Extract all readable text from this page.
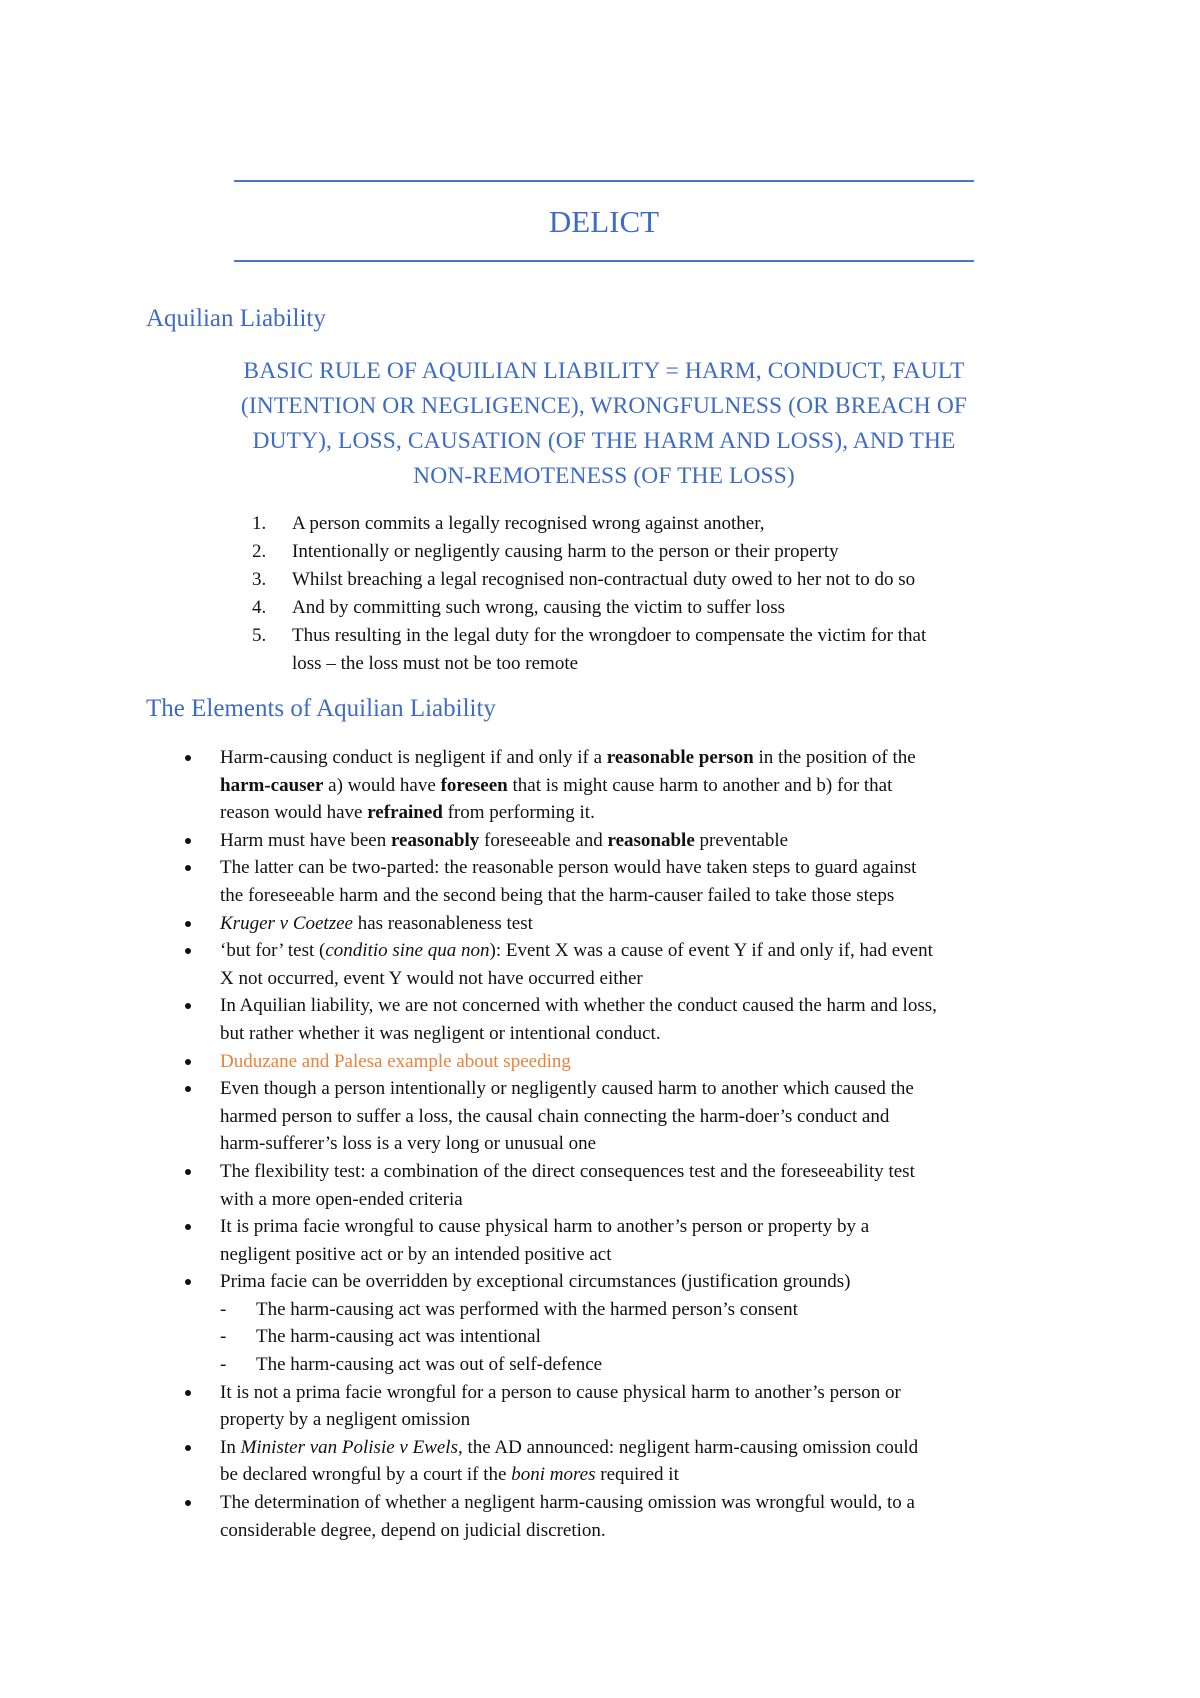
DELICT
Aquilian Liability
BASIC RULE OF AQUILIAN LIABILITY = HARM, CONDUCT, FAULT
(INTENTION OR NEGLIGENCE), WRONGFULNESS (OR BREACH OF
DUTY), LOSS, CAUSATION (OF THE HARM AND LOSS), AND THE
NON-REMOTENESS (OF THE LOSS)
1. A person commits a legally recognised wrong against another,
2. Intentionally or negligently causing harm to the person or their property
3. Whilst breaching a legal recognised non-contractual duty owed to her not to do so
4. And by committing such wrong, causing the victim to suffer loss
5. Thus resulting in the legal duty for the wrongdoer to compensate the victim for that
loss – the loss must not be too remote
The Elements of Aquilian Liability
Harm-causing conduct is negligent if and only if a reasonable person in the position of the
harm-causer a) would have foreseen that is might cause harm to another and b) for that
reason would have refrained from performing it.
Harm must have been reasonably foreseeable and reasonable preventable
The latter can be two-parted: the reasonable person would have taken steps to guard against
the foreseeable harm and the second being that the harm-causer failed to take those steps
Kruger v Coetzee has reasonableness test
‘but for’ test (conditio sine qua non): Event X was a cause of event Y if and only if, had event
X not occurred, event Y would not have occurred either
In Aquilian liability, we are not concerned with whether the conduct caused the harm and loss,
but rather whether it was negligent or intentional conduct.
Duduzane and Palesa example about speeding
Even though a person intentionally or negligently caused harm to another which caused the
harmed person to suffer a loss, the causal chain connecting the harm-doer’s conduct and
harm-sufferer’s loss is a very long or unusual one
The flexibility test: a combination of the direct consequences test and the foreseeability test
with a more open-ended criteria
It is prima facie wrongful to cause physical harm to another’s person or property by a
negligent positive act or by an intended positive act
Prima facie can be overridden by exceptional circumstances (justification grounds)
- The harm-causing act was performed with the harmed person’s consent
- The harm-causing act was intentional
- The harm-causing act was out of self-defence
It is not a prima facie wrongful for a person to cause physical harm to another’s person or
property by a negligent omission
In Minister van Polisie v Ewels, the AD announced: negligent harm-causing omission could
be declared wrongful by a court if the boni mores required it
The determination of whether a negligent harm-causing omission was wrongful would, to a
considerable degree, depend on judicial discretion.
